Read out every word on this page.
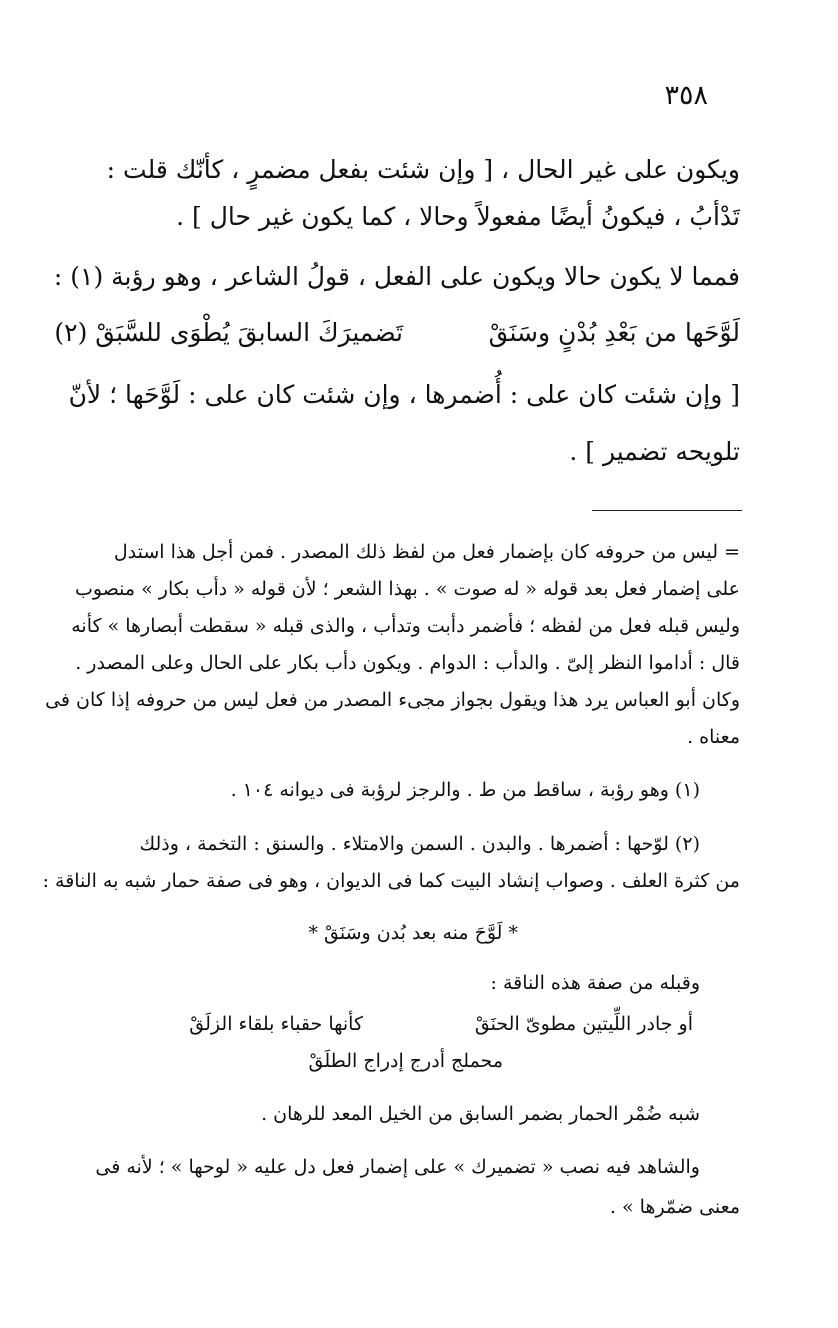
٣٥٨
ويكون على غير الحال ، [ وإن شئت بفعل مضمرٍ ، كأنّك قلت :
تَدْأبُ ، فيكونُ أيضًا مفعولاً وحالا ، كما يكون غير حال ] .
فمما لا يكون حالا ويكون على الفعل ، قولُ الشاعر ، وهو رؤبة (١) :
لَوَّحَها من بَعْدِ بُدْنٍ وسَنَقْ
تَضميرَكَ السابقَ يُطْوَى للسَّبَقْ (٢)
[ وإن شئت كان على : أُضمرها ، وإن شئت كان على : لَوَّحَها ؛ لأنّ
تلويحه تضمير ] .
= ليس من حروفه كان بإضمار فعل من لفظ ذلك المصدر . فمن أجل هذا استدل
على إضمار فعل بعد قوله « له صوت » . بهذا الشعر ؛ لأن قوله « دأب بكار » منصوب
وليس قبله فعل من لفظه ؛ فأضمر دأبت وتدأب ، والذى قبله « سقطت أبصارها » كأنه
قال : أداموا النظر إلىّ . والدأب : الدوام . ويكون دأب بكار على الحال وعلى المصدر .
وكان أبو العباس يرد هذا ويقول بجواز مجىء المصدر من فعل ليس من حروفه إذا كان فى
معناه .
(١) وهو رؤبة ، ساقط من ط . والرجز لرؤبة فى ديوانه ١٠٤ .
(٢) لوّحها : أضمرها . والبدن . السمن والامتلاء . والسنق : التخمة ، وذلك
من كثرة العلف . وصواب إنشاد البيت كما فى الديوان ، وهو فى صفة حمار شبه به الناقة :
* لَوَّحَ منه بعد بُدن وسَنَقْ *
وقبله من صفة هذه الناقة :
كأنها حقباء بلقاء الزلَقْ	أو جادر اللِّيتين مطوىّ الحنَقْ
محملج أدرج إدراج الطلَقْ
شبه ضُمْر الحمار بضمر السابق من الخيل المعد للرهان .
والشاهد فيه نصب « تضميرك » على إضمار فعل دل عليه « لوحها » ؛ لأنه فى
معنى ضمّرها » .
